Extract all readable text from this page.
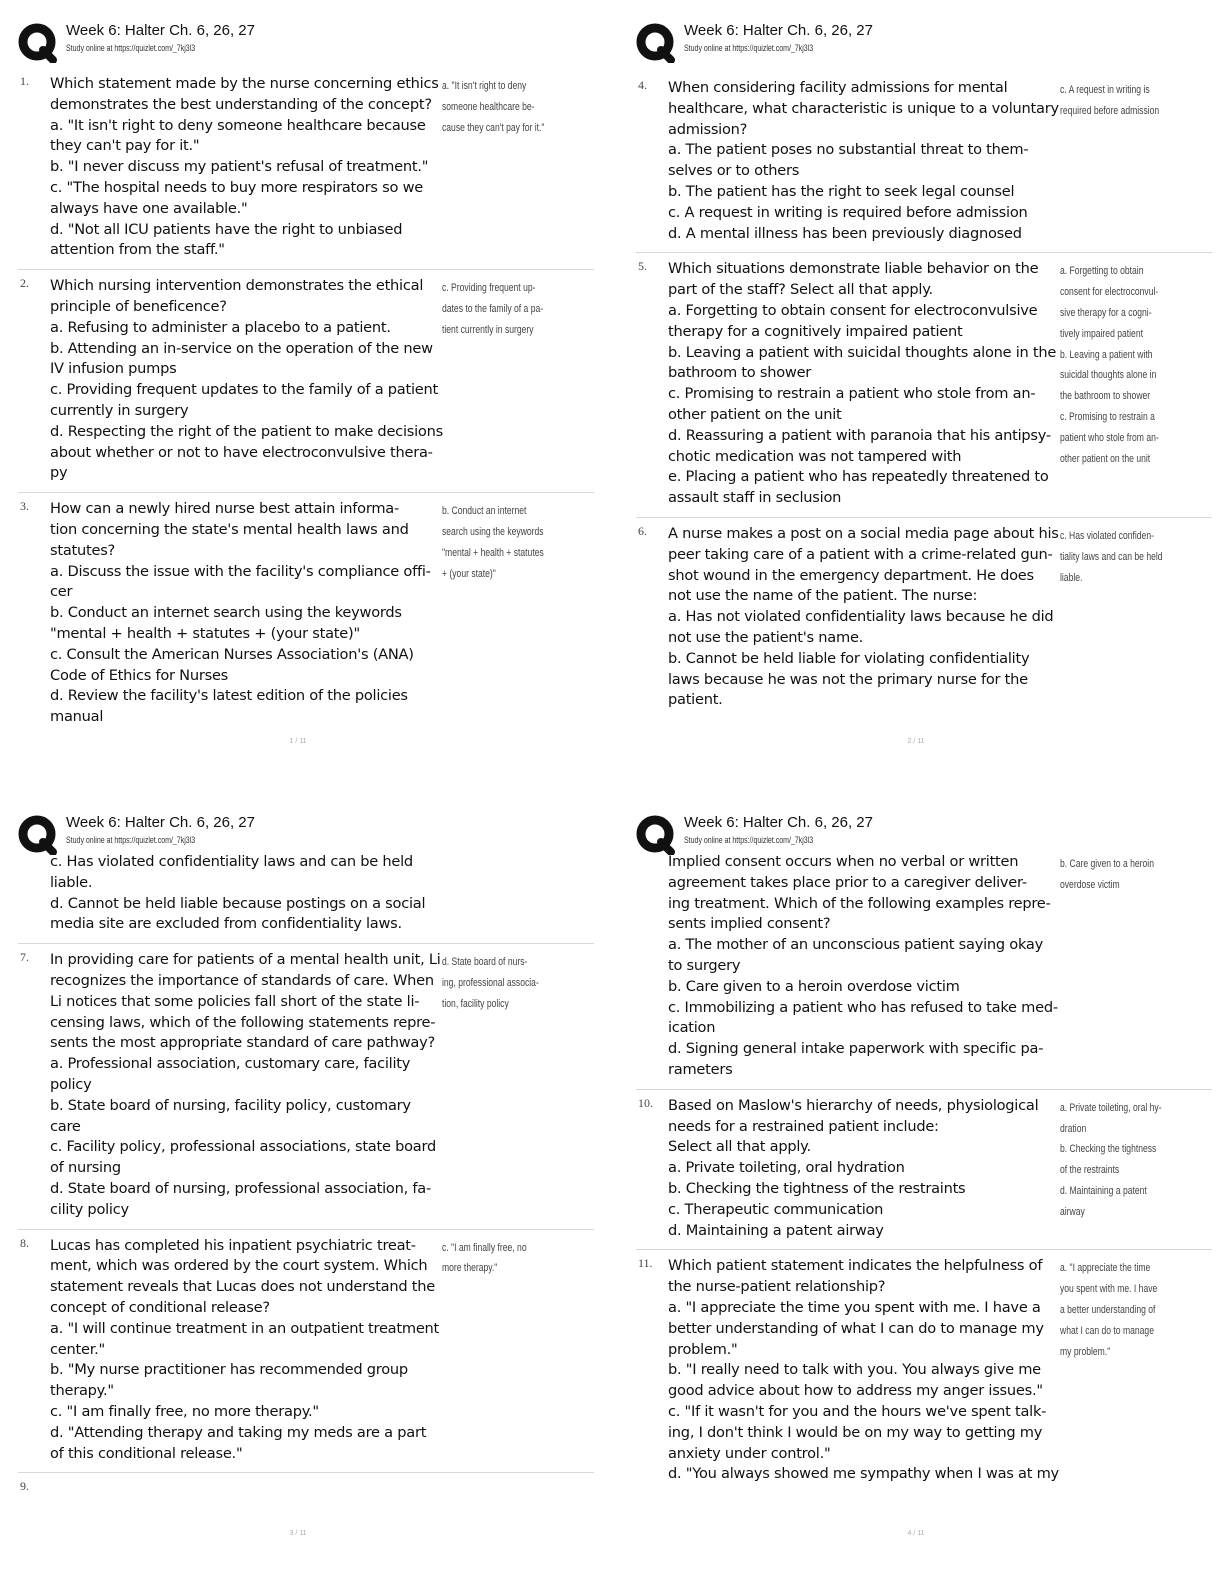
Week 6: Halter Ch. 6, 26, 27
Study online at https://quizlet.com/_7kj3l3
1. Which statement made by the nurse concerning ethics
demonstrates the best understanding of the concept?
a. "It isn't right to deny someone healthcare because
they can't pay for it."
b. "I never discuss my patient's refusal of treatment."
c. "The hospital needs to buy more respirators so we
always have one available."
d. "Not all ICU patients have the right to unbiased
attention from the staff."
a. "It isn't right to deny
someone healthcare be-
cause they can't pay for it."
2. Which nursing intervention demonstrates the ethical
principle of beneficence?
a. Refusing to administer a placebo to a patient.
b. Attending an in-service on the operation of the new
IV infusion pumps
c. Providing frequent updates to the family of a patient
currently in surgery
d. Respecting the right of the patient to make decisions
about whether or not to have electroconvulsive thera-
py
c. Providing frequent up-
dates to the family of a pa-
tient currently in surgery
3. How can a newly hired nurse best attain informa-
tion concerning the state's mental health laws and
statutes?
a. Discuss the issue with the facility's compliance offi-
cer
b. Conduct an internet search using the keywords
"mental + health + statutes + (your state)"
c. Consult the American Nurses Association's (ANA)
Code of Ethics for Nurses
d. Review the facility's latest edition of the policies
manual
b. Conduct an internet
search using the keywords
"mental + health + statutes
+ (your state)"
1 / 11
Week 6: Halter Ch. 6, 26, 27
Study online at https://quizlet.com/_7kj3l3
4. When considering facility admissions for mental
healthcare, what characteristic is unique to a voluntary
admission?
a. The patient poses no substantial threat to them-
selves or to others
b. The patient has the right to seek legal counsel
c. A request in writing is required before admission
d. A mental illness has been previously diagnosed
c. A request in writing is
required before admission
5. Which situations demonstrate liable behavior on the
part of the staff? Select all that apply.
a. Forgetting to obtain consent for electroconvulsive
therapy for a cognitively impaired patient
b. Leaving a patient with suicidal thoughts alone in the
bathroom to shower
c. Promising to restrain a patient who stole from an-
other patient on the unit
d. Reassuring a patient with paranoia that his antipsy-
chotic medication was not tampered with
e. Placing a patient who has repeatedly threatened to
assault staff in seclusion
a. Forgetting to obtain
consent for electroconvul-
sive therapy for a cogni-
tively impaired patient
b. Leaving a patient with
suicidal thoughts alone in
the bathroom to shower
c. Promising to restrain a
patient who stole from an-
other patient on the unit
6. A nurse makes a post on a social media page about his
peer taking care of a patient with a crime-related gun-
shot wound in the emergency department. He does
not use the name of the patient. The nurse:
a. Has not violated confidentiality laws because he did
not use the patient's name.
b. Cannot be held liable for violating confidentiality
laws because he was not the primary nurse for the
patient.
c. Has violated confiden-
tiality laws and can be held
liable.
2 / 11
Week 6: Halter Ch. 6, 26, 27
Study online at https://quizlet.com/_7kj3l3
c. Has violated confidentiality laws and can be held
liable.
d. Cannot be held liable because postings on a social
media site are excluded from confidentiality laws.
7. In providing care for patients of a mental health unit, Li
recognizes the importance of standards of care. When
Li notices that some policies fall short of the state li-
censing laws, which of the following statements repre-
sents the most appropriate standard of care pathway?
a. Professional association, customary care, facility
policy
b. State board of nursing, facility policy, customary
care
c. Facility policy, professional associations, state board
of nursing
d. State board of nursing, professional association, fa-
cility policy
d. State board of nurs-
ing, professional associa-
tion, facility policy
8. Lucas has completed his inpatient psychiatric treat-
ment, which was ordered by the court system. Which
statement reveals that Lucas does not understand the
concept of conditional release?
a. "I will continue treatment in an outpatient treatment
center."
b. "My nurse practitioner has recommended group
therapy."
c. "I am finally free, no more therapy."
d. "Attending therapy and taking my meds are a part
of this conditional release."
c. "I am finally free, no
more therapy."
9.
3 / 11
Week 6: Halter Ch. 6, 26, 27
Study online at https://quizlet.com/_7kj3l3
Implied consent occurs when no verbal or written
agreement takes place prior to a caregiver deliver-
ing treatment. Which of the following examples repre-
sents implied consent?
a. The mother of an unconscious patient saying okay
to surgery
b. Care given to a heroin overdose victim
c. Immobilizing a patient who has refused to take med-
ication
d. Signing general intake paperwork with specific pa-
rameters
b. Care given to a heroin
overdose victim
10. Based on Maslow's hierarchy of needs, physiological
needs for a restrained patient include:
Select all that apply.
a. Private toileting, oral hydration
b. Checking the tightness of the restraints
c. Therapeutic communication
d. Maintaining a patent airway
a. Private toileting, oral hy-
dration
b. Checking the tightness
of the restraints
d. Maintaining a patent
airway
11. Which patient statement indicates the helpfulness of
the nurse-patient relationship?
a. "I appreciate the time you spent with me. I have a
better understanding of what I can do to manage my
problem."
b. "I really need to talk with you. You always give me
good advice about how to address my anger issues."
c. "If it wasn't for you and the hours we've spent talk-
ing, I don't think I would be on my way to getting my
anxiety under control."
d. "You always showed me sympathy when I was at my
a. "I appreciate the time
you spent with me. I have
a better understanding of
what I can do to manage
my problem."
4 / 11
